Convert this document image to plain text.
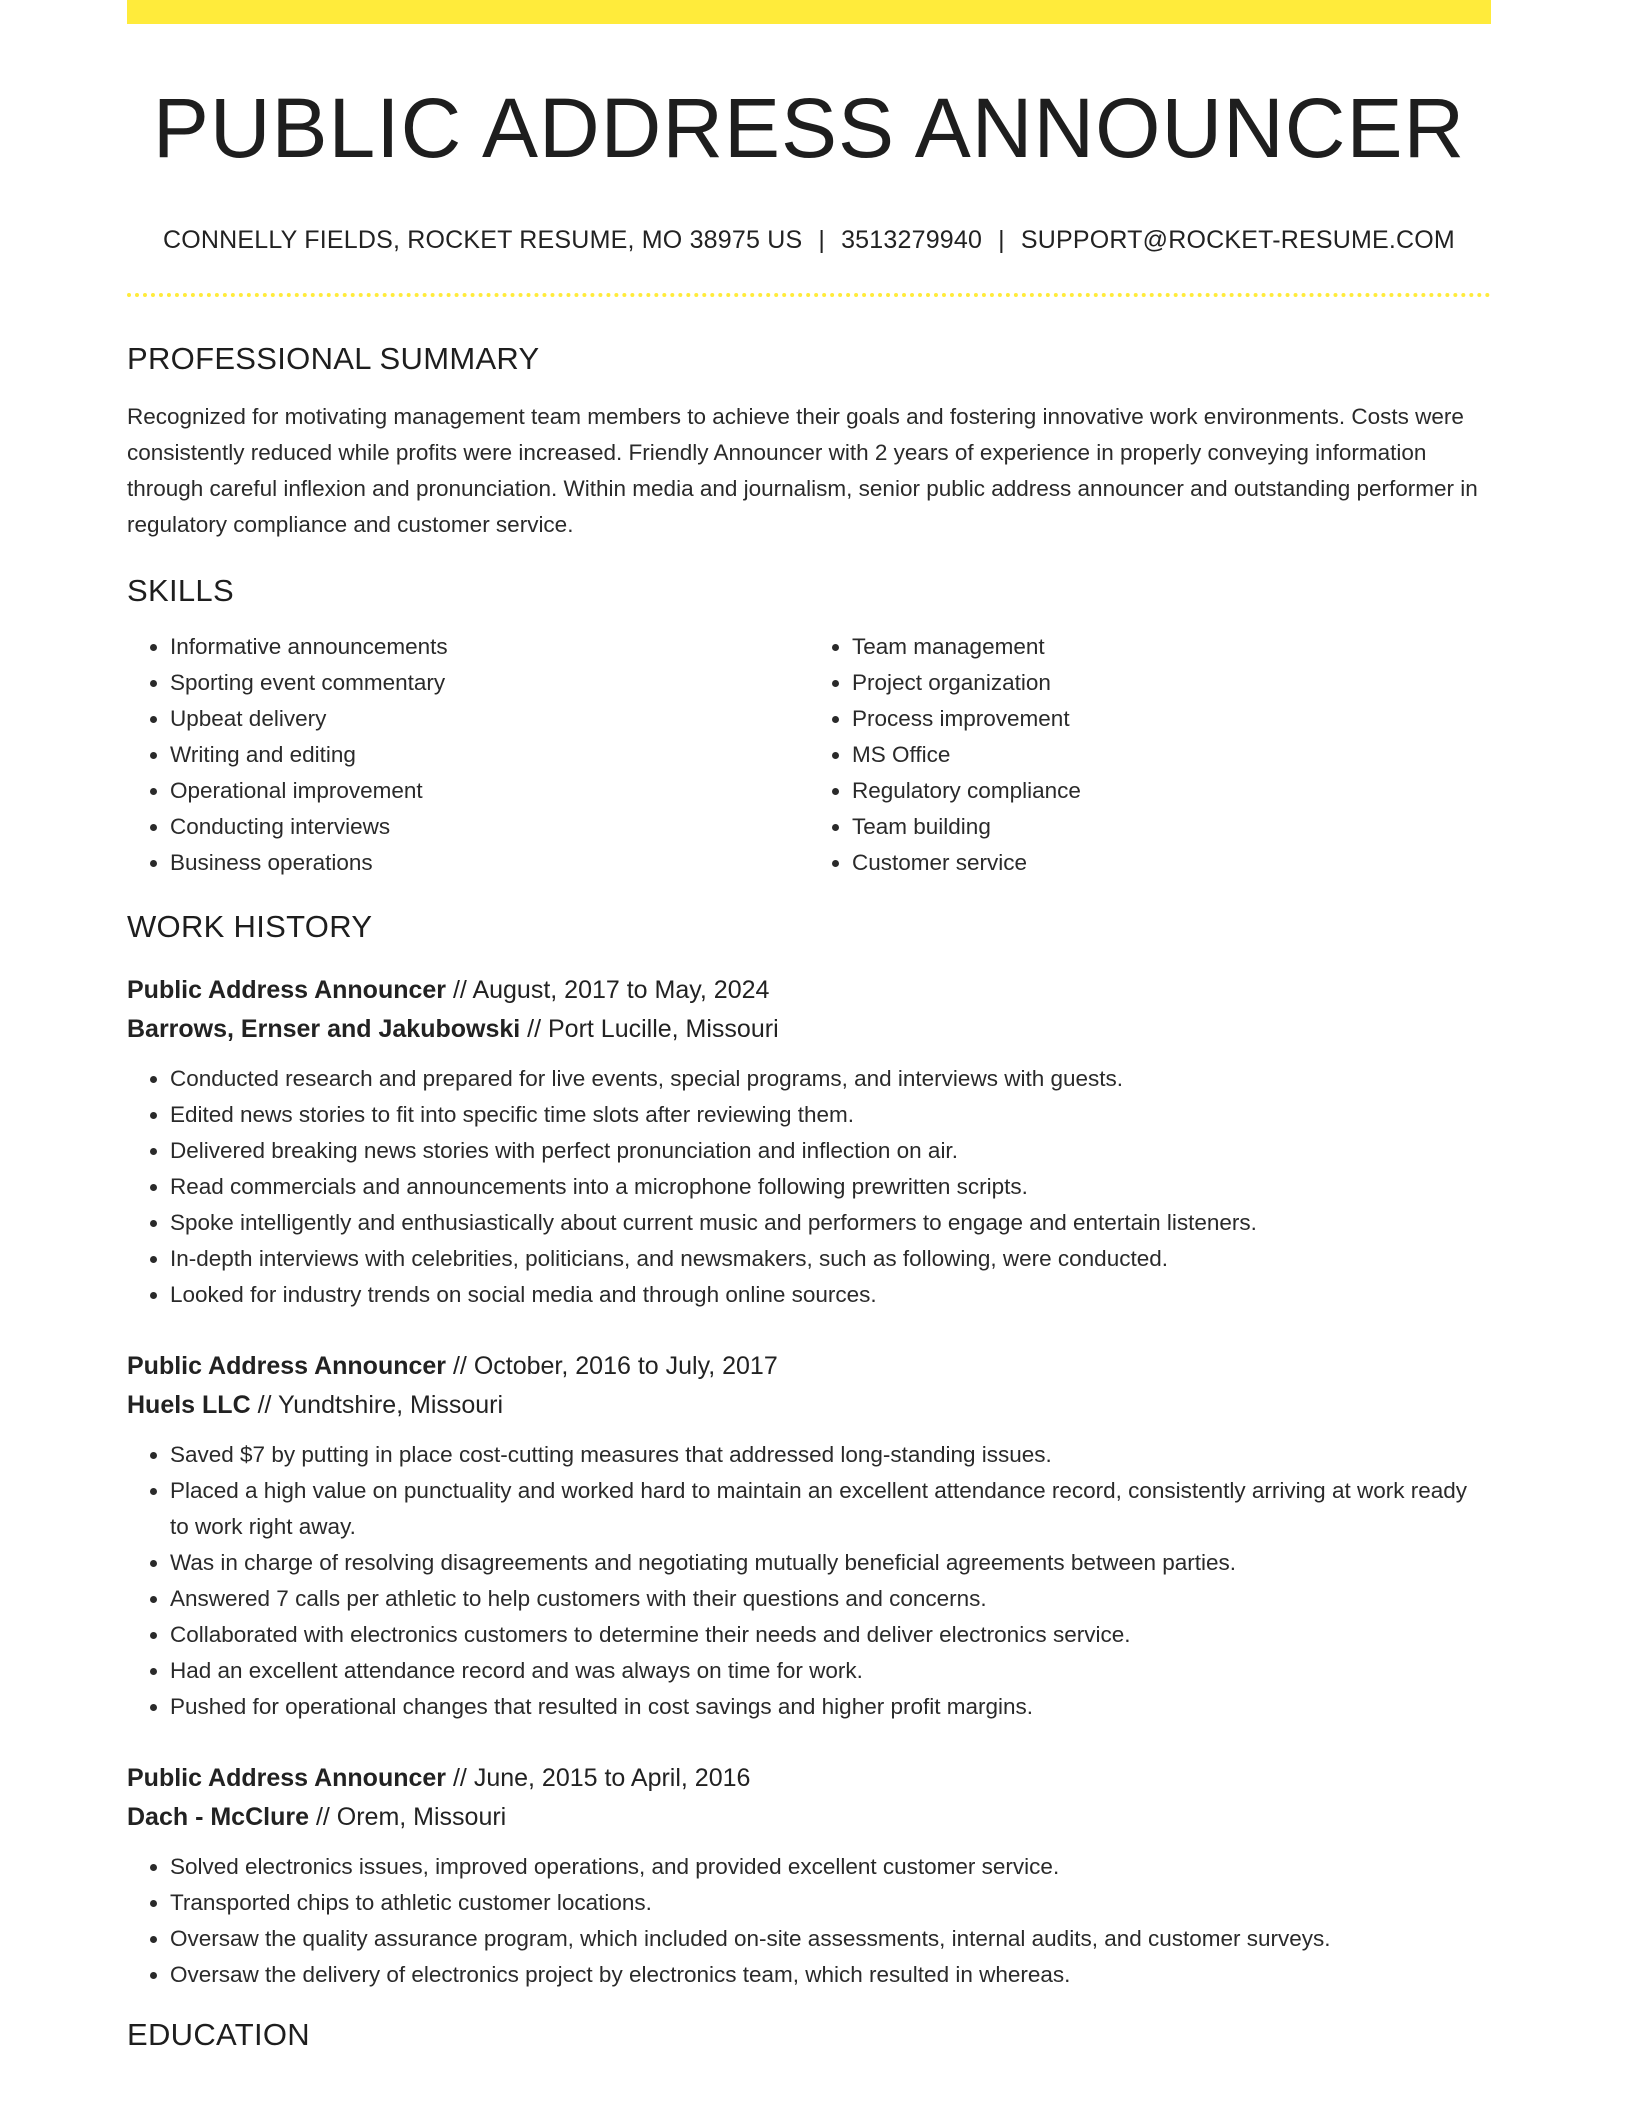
PUBLIC ADDRESS ANNOUNCER
CONNELLY FIELDS, ROCKET RESUME, MO 38975 US | 3513279940 | SUPPORT@ROCKET-RESUME.COM
PROFESSIONAL SUMMARY

Recognized for motivating management team members to achieve their goals and fostering innovative work environments. Costs were consistently reduced while profits were increased. Friendly Announcer with 2 years of experience in properly conveying information through careful inflexion and pronunciation. Within media and journalism, senior public address announcer and outstanding performer in regulatory compliance and customer service.

SKILLS
• Informative announcements
• Sporting event commentary
• Upbeat delivery
• Writing and editing
• Operational improvement
• Conducting interviews
• Business operations
• Team management
• Project organization
• Process improvement
• MS Office
• Regulatory compliance
• Team building
• Customer service
WORK HISTORY
Public Address Announcer // August, 2017 to May, 2024
Barrows, Ernser and Jakubowski // Port Lucille, Missouri
• Conducted research and prepared for live events, special programs, and interviews with guests.
• Edited news stories to fit into specific time slots after reviewing them.
• Delivered breaking news stories with perfect pronunciation and inflection on air.
• Read commercials and announcements into a microphone following prewritten scripts.
• Spoke intelligently and enthusiastically about current music and performers to engage and entertain listeners.
• In-depth interviews with celebrities, politicians, and newsmakers, such as following, were conducted.
• Looked for industry trends on social media and through online sources.
Public Address Announcer // October, 2016 to July, 2017
Huels LLC // Yundtshire, Missouri
• Saved $7 by putting in place cost-cutting measures that addressed long-standing issues.
• Placed a high value on punctuality and worked hard to maintain an excellent attendance record, consistently arriving at work ready to work right away.
• Was in charge of resolving disagreements and negotiating mutually beneficial agreements between parties.
• Answered 7 calls per athletic to help customers with their questions and concerns.
• Collaborated with electronics customers to determine their needs and deliver electronics service.
• Had an excellent attendance record and was always on time for work.
• Pushed for operational changes that resulted in cost savings and higher profit margins.
Public Address Announcer // June, 2015 to April, 2016
Dach - McClure // Orem, Missouri
• Solved electronics issues, improved operations, and provided excellent customer service.
• Transported chips to athletic customer locations.
• Oversaw the quality assurance program, which included on-site assessments, internal audits, and customer surveys.
• Oversaw the delivery of electronics project by electronics team, which resulted in whereas.
EDUCATION
